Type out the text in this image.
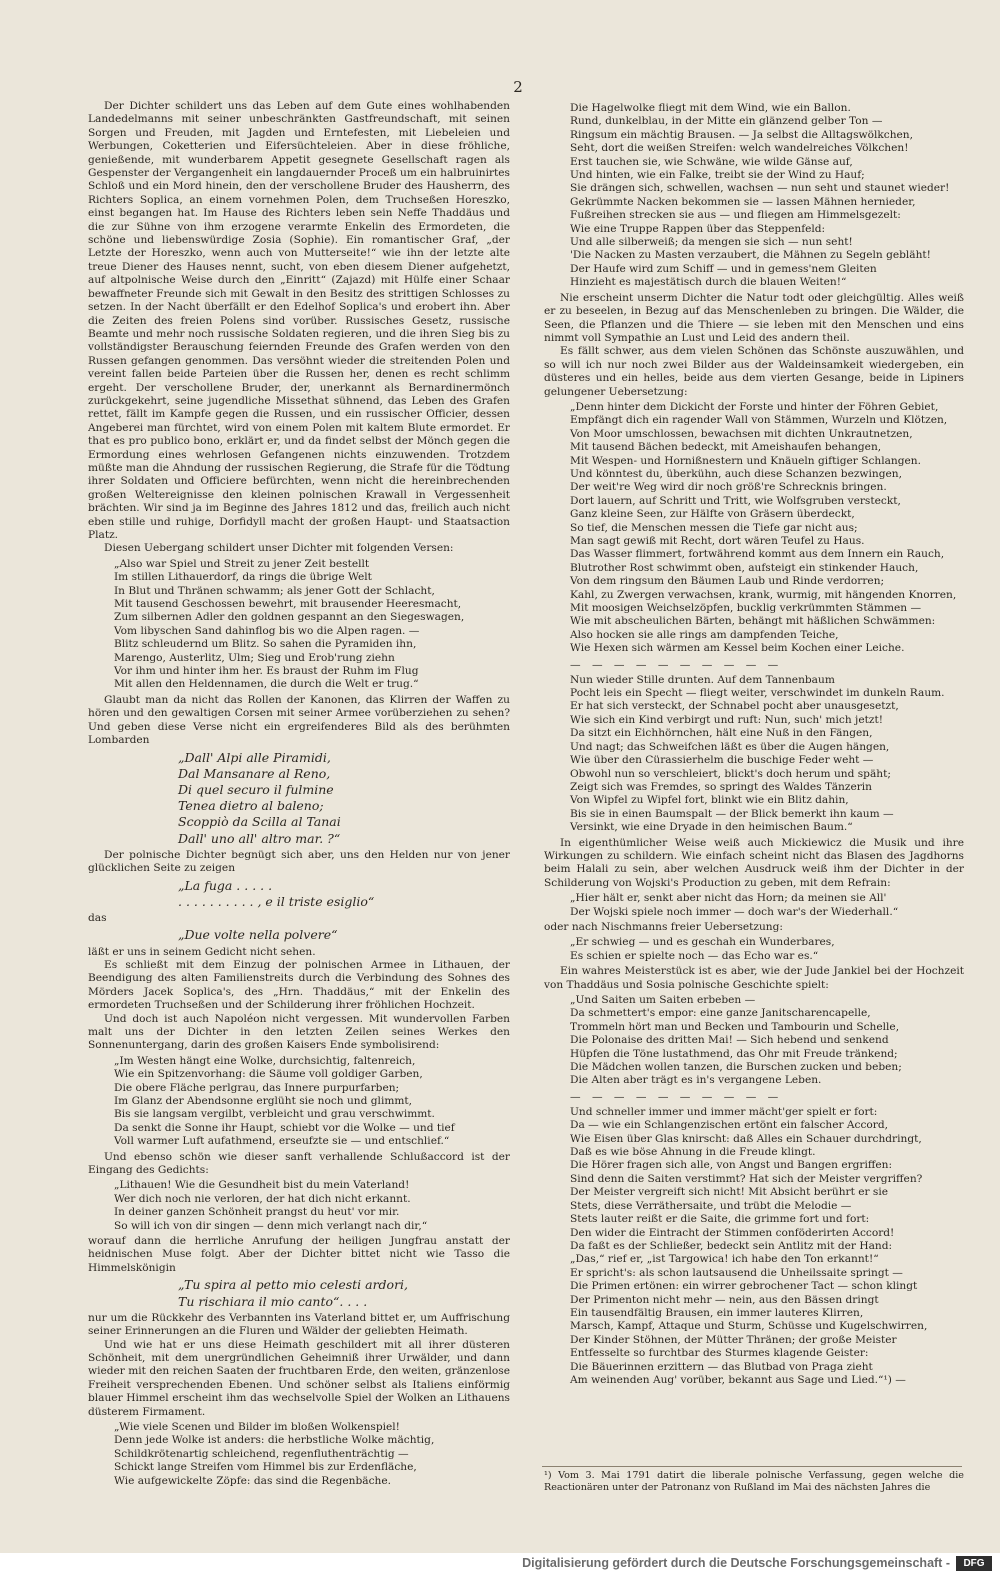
2

Der Dichter schildert uns das Leben auf dem Gute eines wohlhabenden Landedelmanns mit seiner unbeschränkten Gastfreundschaft, mit seinen Sorgen und Freuden, mit Jagden und Erntefesten, mit Liebeleien und Werbungen, Coketterien und Eifersüchteleien. Aber in diese fröhliche, genießende, mit wunderbarem Appetit gesegnete Gesellschaft ragen als Gespenster der Vergangenheit ein langdauernder Proceß um ein halbruinirtes Schloß und ein Mord hinein, den der verschollene Bruder des Hausherrn, des Richters Soplica, an einem vornehmen Polen, dem Truchseßen Horeszko, einst begangen hat. Im Hause des Richters leben sein Neffe Thaddäus und die zur Sühne von ihm erzogene verarmte Enkelin des Ermordeten, die schöne und liebenswürdige Zosia (Sophie). Ein romantischer Graf, „der Letzte der Horeszko, wenn auch von Mutterseite!“ wie ihn der letzte alte treue Diener des Hauses nennt, sucht, von eben diesem Diener aufgehetzt, auf altpolnische Weise durch den „Einritt“ (Zajazd) mit Hülfe einer Schaar bewaffneter Freunde sich mit Gewalt in den Besitz des strittigen Schlosses zu setzen. In der Nacht überfällt er den Edelhof Soplica's und erobert ihn. Aber die Zeiten des freien Polens sind vorüber. Russisches Gesetz, russische Beamte und mehr noch russische Soldaten regieren, und die ihren Sieg bis zu vollständigster Berauschung feiernden Freunde des Grafen werden von den Russen gefangen genommen. Das versöhnt wieder die streitenden Polen und vereint fallen beide Parteien über die Russen her, denen es recht schlimm ergeht. Der verschollene Bruder, der, unerkannt als Bernardinermönch zurückgekehrt, seine jugendliche Missethat sühnend, das Leben des Grafen rettet, fällt im Kampfe gegen die Russen, und ein russischer Officier, dessen Angeberei man fürchtet, wird von einem Polen mit kaltem Blute ermordet. Er that es pro publico bono, erklärt er, und da findet selbst der Mönch gegen die Ermordung eines wehrlosen Gefangenen nichts einzuwenden. Trotzdem müßte man die Ahndung der russischen Regierung, die Strafe für die Tödtung ihrer Soldaten und Officiere befürchten, wenn nicht die hereinbrechenden großen Weltereignisse den kleinen polnischen Krawall in Vergessenheit brächten. Wir sind ja im Beginne des Jahres 1812 und das, freilich auch nicht eben stille und ruhige, Dorfidyll macht der großen Haupt- und Staatsaction Platz.

Diesen Uebergang schildert unser Dichter mit folgenden Versen:

„Also war Spiel und Streit zu jener Zeit bestellt
Im stillen Lithauerdorf, da rings die übrige Welt
In Blut und Thränen schwamm; als jener Gott der Schlacht,
Mit tausend Geschossen bewehrt, mit brausender Heeresmacht,
Zum silbernen Adler den goldnen gespannt an den Siegeswagen,
Vom libyschen Sand dahinflog bis wo die Alpen ragen. —
Blitz schleudernd um Blitz. So sahen die Pyramiden ihn,
Marengo, Austerlitz, Ulm; Sieg und Erob'rung ziehn
Vor ihm und hinter ihm her. Es braust der Ruhm im Flug
Mit allen den Heldennamen, die durch die Welt er trug.“

Glaubt man da nicht das Rollen der Kanonen, das Klirren der Waffen zu hören und den gewaltigen Corsen mit seiner Armee vorüberziehen zu sehen? Und geben diese Verse nicht ein ergreifenderes Bild als des berühmten Lombarden

„Dall' Alpi alle Piramidi,
Dal Mansanare al Reno,
Di quel securo il fulmine
Tenea dietro al baleno;
Scoppiò da Scilla al Tanai
Dall' uno all' altro mar. ?“

Der polnische Dichter begnügt sich aber, uns den Helden nur von jener glücklichen Seite zu zeigen

„La fuga . . . . .
. . . . . . . . . . , e il triste esiglio“

das

„Due volte nella polvere“

läßt er uns in seinem Gedicht nicht sehen.

Es schließt mit dem Einzug der polnischen Armee in Lithauen, der Beendigung des alten Familienstreits durch die Verbindung des Sohnes des Mörders Jacek Soplica's, des „Hrn. Thaddäus,“ mit der Enkelin des ermordeten Truchseßen und der Schilderung ihrer fröhlichen Hochzeit.

Und doch ist auch Napoléon nicht vergessen. Mit wundervollen Farben malt uns der Dichter in den letzten Zeilen seines Werkes den Sonnenuntergang, darin des großen Kaisers Ende symbolisirend:

„Im Westen hängt eine Wolke, durchsichtig, faltenreich,
Wie ein Spitzenvorhang: die Säume voll goldiger Garben,
Die obere Fläche perlgrau, das Innere purpurfarben;
Im Glanz der Abendsonne erglüht sie noch und glimmt,
Bis sie langsam vergilbt, verbleicht und grau verschwimmt.
Da senkt die Sonne ihr Haupt, schiebt vor die Wolke — und tief
Voll warmer Luft aufathmend, erseufzte sie — und entschlief.“

Und ebenso schön wie dieser sanft verhallende Schlußaccord ist der Eingang des Gedichts:

„Lithauen! Wie die Gesundheit bist du mein Vaterland!
Wer dich noch nie verloren, der hat dich nicht erkannt.
In deiner ganzen Schönheit prangst du heut' vor mir.
So will ich von dir singen — denn mich verlangt nach dir,“

worauf dann die herrliche Anrufung der heiligen Jungfrau anstatt der heidnischen Muse folgt. Aber der Dichter bittet nicht wie Tasso die Himmelskönigin

„Tu spira al petto mio celesti ardori,
Tu rischiara il mio canto“. . . .

nur um die Rückkehr des Verbannten ins Vaterland bittet er, um Auffrischung seiner Erinnerungen an die Fluren und Wälder der geliebten Heimath.

Und wie hat er uns diese Heimath geschildert mit all ihrer düsteren Schönheit, mit dem unergründlichen Geheimniß ihrer Urwälder, und dann wieder mit den reichen Saaten der fruchtbaren Erde, den weiten, gränzenlose Freiheit versprechenden Ebenen. Und schöner selbst als Italiens einförmig blauer Himmel erscheint ihm das wechselvolle Spiel der Wolken an Lithauens düsterem Firmament.

„Wie viele Scenen und Bilder im bloßen Wolkenspiel!
Denn jede Wolke ist anders: die herbstliche Wolke mächtig,
Schildkrötenartig schleichend, regenfluthenträchtig —
Schickt lange Streifen vom Himmel bis zur Erdenfläche,
Wie aufgewickelte Zöpfe: das sind die Regenbäche.
Die Hagelwolke fliegt mit dem Wind, wie ein Ballon.
Rund, dunkelblau, in der Mitte ein glänzend gelber Ton —
Ringsum ein mächtig Brausen. — Ja selbst die Alltagswölkchen,
Seht, dort die weißen Streifen: welch wandelreiches Völkchen!
Erst tauchen sie, wie Schwäne, wie wilde Gänse auf,
Und hinten, wie ein Falke, treibt sie der Wind zu Hauf;
Sie drängen sich, schwellen, wachsen — nun seht und staunet wieder!
Gekrümmte Nacken bekommen sie — lassen Mähnen hernieder,
Fußreihen strecken sie aus — und fliegen am Himmelsgezelt:
Wie eine Truppe Rappen über das Steppenfeld:
Und alle silberweiß; da mengen sie sich — nun seht!
'Die Nacken zu Masten verzaubert, die Mähnen zu Segeln gebläht!
Der Haufe wird zum Schiff — und in gemess'nem Gleiten
Hinzieht es majestätisch durch die blauen Weiten!“

Nie erscheint unserm Dichter die Natur todt oder gleichgültig. Alles weiß er zu beseelen, in Bezug auf das Menschenleben zu bringen. Die Wälder, die Seen, die Pflanzen und die Thiere — sie leben mit den Menschen und eins nimmt voll Sympathie an Lust und Leid des andern theil.

Es fällt schwer, aus dem vielen Schönen das Schönste auszuwählen, und so will ich nur noch zwei Bilder aus der Waldeinsamkeit wiedergeben, ein düsteres und ein helles, beide aus dem vierten Gesange, beide in Lipiners gelungener Uebersetzung:

„Denn hinter dem Dickicht der Forste und hinter der Föhren Gebiet,
Empfängt dich ein ragender Wall von Stämmen, Wurzeln und Klötzen,
Von Moor umschlossen, bewachsen mit dichten Unkrautnetzen,
Mit tausend Bächen bedeckt, mit Ameishaufen behangen,
Mit Wespen- und Hornißnestern und Knäueln giftiger Schlangen.
Und könntest du, überkühn, auch diese Schanzen bezwingen,
Der weit're Weg wird dir noch größ're Schrecknis bringen.
Dort lauern, auf Schritt und Tritt, wie Wolfsgruben versteckt,
Ganz kleine Seen, zur Hälfte von Gräsern überdeckt,
So tief, die Menschen messen die Tiefe gar nicht aus;
Man sagt gewiß mit Recht, dort wären Teufel zu Haus.
Das Wasser flimmert, fortwährend kommt aus dem Innern ein Rauch,
Blutrother Rost schwimmt oben, aufsteigt ein stinkender Hauch,
Von dem ringsum den Bäumen Laub und Rinde verdorren;
Kahl, zu Zwergen verwachsen, krank, wurmig, mit hängenden Knorren,
Mit moosigen Weichselzöpfen, bucklig verkrümmten Stämmen —
Wie mit abscheulichen Bärten, behängt mit häßlichen Schwämmen:
Also hocken sie alle rings am dampfenden Teiche,
Wie Hexen sich wärmen am Kessel beim Kochen einer Leiche.
— — — — — — — — — —
Nun wieder Stille drunten. Auf dem Tannenbaum
Pocht leis ein Specht — fliegt weiter, verschwindet im dunkeln Raum.
Er hat sich versteckt, der Schnabel pocht aber unausgesetzt,
Wie sich ein Kind verbirgt und ruft: Nun, such' mich jetzt!
Da sitzt ein Eichhörnchen, hält eine Nuß in den Fängen,
Und nagt; das Schweifchen läßt es über die Augen hängen,
Wie über den Cürassierhelm die buschige Feder weht —
Obwohl nun so verschleiert, blickt's doch herum und späht;
Zeigt sich was Fremdes, so springt des Waldes Tänzerin
Von Wipfel zu Wipfel fort, blinkt wie ein Blitz dahin,
Bis sie in einen Baumspalt — der Blick bemerkt ihn kaum —
Versinkt, wie eine Dryade in den heimischen Baum.“

In eigenthümlicher Weise weiß auch Mickiewicz die Musik und ihre Wirkungen zu schildern. Wie einfach scheint nicht das Blasen des Jagdhorns beim Halali zu sein, aber welchen Ausdruck weiß ihm der Dichter in der Schilderung von Wojski's Production zu geben, mit dem Refrain:

„Hier hält er, senkt aber nicht das Horn; da meinen sie All'
Der Wojski spiele noch immer — doch war's der Wiederhall.“

oder nach Nischmanns freier Uebersetzung:

„Er schwieg — und es geschah ein Wunderbares,
Es schien er spielte noch — das Echo war es.“

Ein wahres Meisterstück ist es aber, wie der Jude Jankiel bei der Hochzeit von Thaddäus und Sosia polnische Geschichte spielt:

„Und Saiten um Saiten erbeben —
Da schmettert's empor: eine ganze Janitscharencapelle,
Trommeln hört man und Becken und Tambourin und Schelle,
Die Polonaise des dritten Mai! — Sich hebend und senkend
Hüpfen die Töne lustathmend, das Ohr mit Freude tränkend;
Die Mädchen wollen tanzen, die Burschen zucken und beben;
Die Alten aber trägt es in's vergangene Leben.
— — — — — — — — — —
Und schneller immer und immer mächt'ger spielt er fort:
Da — wie ein Schlangenzischen ertönt ein falscher Accord,
Wie Eisen über Glas knirscht: daß Alles ein Schauer durchdringt,
Daß es wie böse Ahnung in die Freude klingt.
Die Hörer fragen sich alle, von Angst und Bangen ergriffen:
Sind denn die Saiten verstimmt? Hat sich der Meister vergriffen?
Der Meister vergreift sich nicht! Mit Absicht berührt er sie
Stets, diese Verräthersaite, und trübt die Melodie —
Stets lauter reißt er die Saite, die grimme fort und fort:
Den wider die Eintracht der Stimmen conföderirten Accord!
Da faßt es der Schließer, bedeckt sein Antlitz mit der Hand:
„Das,“ rief er, „ist Targowica! ich habe den Ton erkannt!“
Er spricht's: als schon lautsausend die Unheilssaite springt —
Die Primen ertönen: ein wirrer gebrochener Tact — schon klingt
Der Primenton nicht mehr — nein, aus den Bässen dringt
Ein tausendfältig Brausen, ein immer lauteres Klirren,
Marsch, Kampf, Attaque und Sturm, Schüsse und Kugelschwirren,
Der Kinder Stöhnen, der Mütter Thränen; der große Meister
Entfesselte so furchtbar des Sturmes klagende Geister:
Die Bäuerinnen erzittern — das Blutbad von Praga zieht
Am weinenden Aug' vorüber, bekannt aus Sage und Lied.“¹) —
¹) Vom 3. Mai 1791 datirt die liberale polnische Verfassung, gegen welche die Reactionären unter der Patronanz von Rußland im Mai des nächsten Jahres die
Digitalisierung gefördert durch die Deutsche Forschungsgemeinschaft -	DFG
